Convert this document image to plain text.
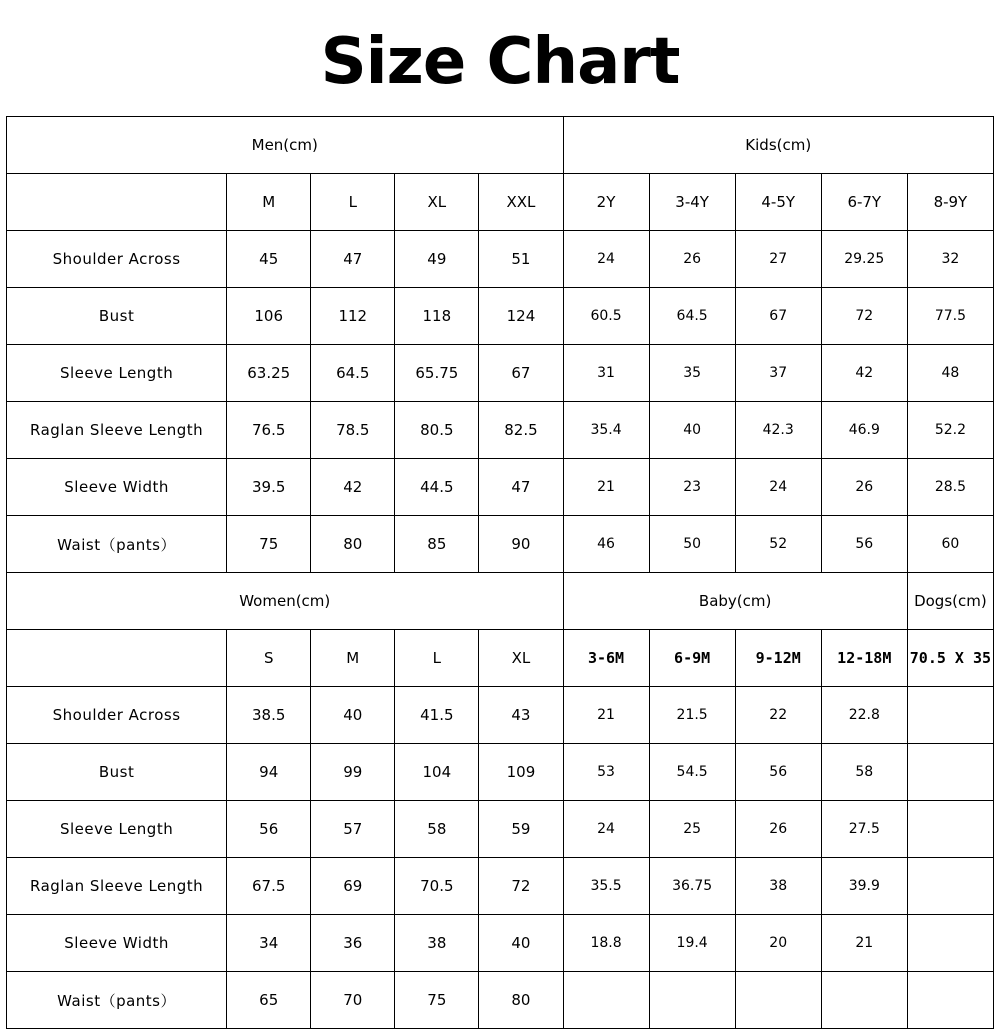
Size Chart
Men(cm)					Kids(cm)				
	M	L	XL	XXL	2Y	3-4Y	4-5Y	6-7Y	8-9Y
Shoulder Across	45	47	49	51	24	26	27	29.25	32
Bust	106	112	118	124	60.5	64.5	67	72	77.5
Sleeve Length	63.25	64.5	65.75	67	31	35	37	42	48
Raglan Sleeve Length	76.5	78.5	80.5	82.5	35.4	40	42.3	46.9	52.2
Sleeve Width	39.5	42	44.5	47	21	23	24	26	28.5
Waist（pants）	75	80	85	90	46	50	52	56	60
Women(cm)					Baby(cm)				Dogs(cm)
	S	M	L	XL	3-6M	6-9M	9-12M	12-18M	70.5 X 35
Shoulder Across	38.5	40	41.5	43	21	21.5	22	22.8	
Bust	94	99	104	109	53	54.5	56	58	
Sleeve Length	56	57	58	59	24	25	26	27.5	
Raglan Sleeve Length	67.5	69	70.5	72	35.5	36.75	38	39.9	
Sleeve Width	34	36	38	40	18.8	19.4	20	21	
Waist（pants）	65	70	75	80					
